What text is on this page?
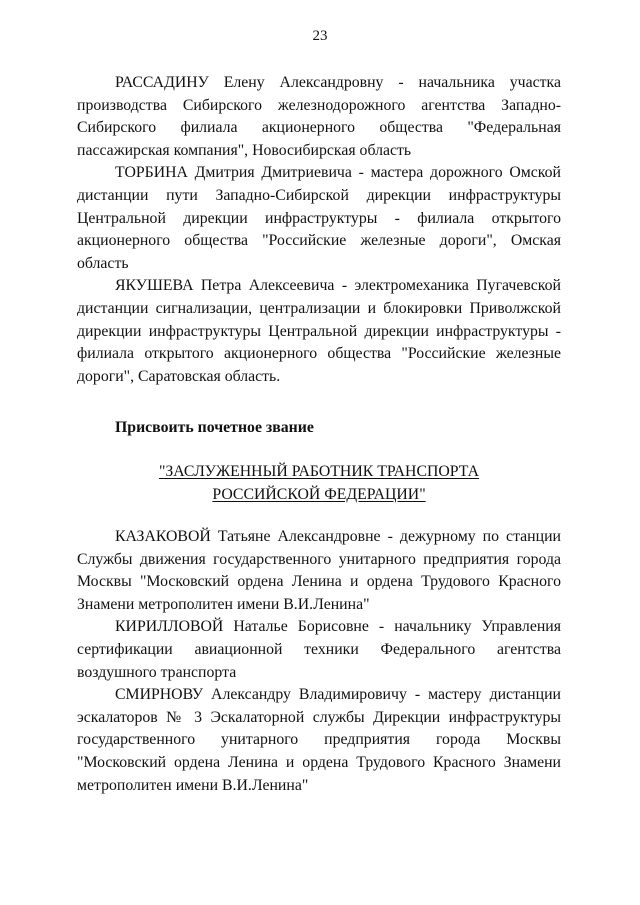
23

РАССАДИНУ Елену Александровну - начальника участка производства Сибирского железнодорожного агентства Западно-Сибирского филиала акционерного общества "Федеральная пассажирская компания", Новосибирская область

ТОРБИНА Дмитрия Дмитриевича - мастера дорожного Омской дистанции пути Западно-Сибирской дирекции инфраструктуры Центральной дирекции инфраструктуры - филиала открытого акционерного общества "Российские железные дороги", Омская область

ЯКУШЕВА Петра Алексеевича - электромеханика Пугачевской дистанции сигнализации, централизации и блокировки Приволжской дирекции инфраструктуры Центральной дирекции инфраструктуры - филиала открытого акционерного общества "Российские железные дороги", Саратовская область.

Присвоить почетное звание
"ЗАСЛУЖЕННЫЙ РАБОТНИК ТРАНСПОРТА
РОССИЙСКОЙ ФЕДЕРАЦИИ"

КАЗАКОВОЙ Татьяне Александровне - дежурному по станции Службы движения государственного унитарного предприятия города Москвы "Московский ордена Ленина и ордена Трудового Красного Знамени метрополитен имени В.И.Ленина"

КИРИЛЛОВОЙ Наталье Борисовне - начальнику Управления сертификации авиационной техники Федерального агентства воздушного транспорта

СМИРНОВУ Александру Владимировичу - мастеру дистанции эскалаторов № 3 Эскалаторной службы Дирекции инфраструктуры государственного унитарного предприятия города Москвы "Московский ордена Ленина и ордена Трудового Красного Знамени метрополитен имени В.И.Ленина"
